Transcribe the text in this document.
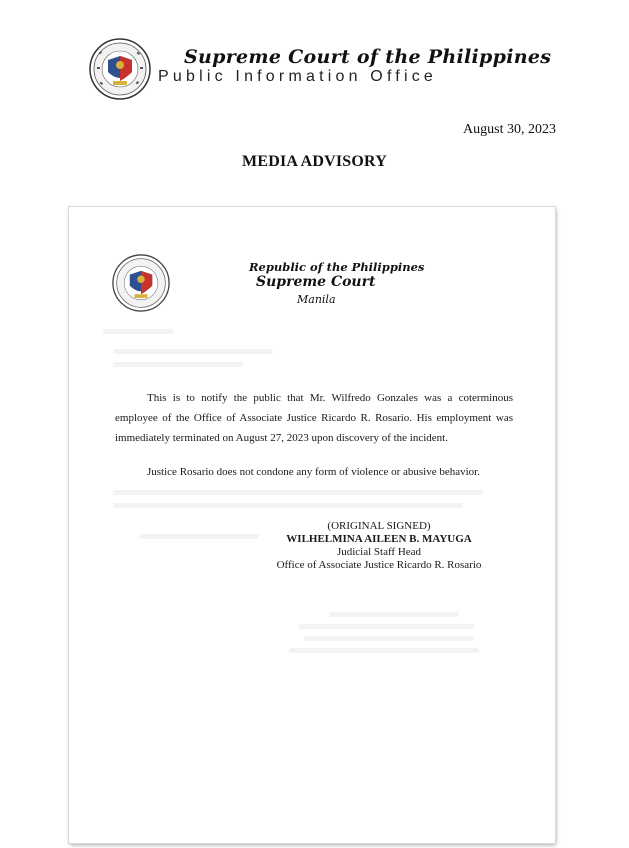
Supreme Court of the Philippines
Public Information Office
August 30, 2023
MEDIA ADVISORY
Republic of the Philippines
Supreme Court
Manila
This is to notify the public that Mr. Wilfredo Gonzales was a coterminous employee of the Office of Associate Justice Ricardo R. Rosario. His employment was immediately terminated on August 27, 2023 upon discovery of the incident.
Justice Rosario does not condone any form of violence or abusive behavior.
(ORIGINAL SIGNED)
WILHELMINA AILEEN B. MAYUGA
Judicial Staff Head
Office of Associate Justice Ricardo R. Rosario
